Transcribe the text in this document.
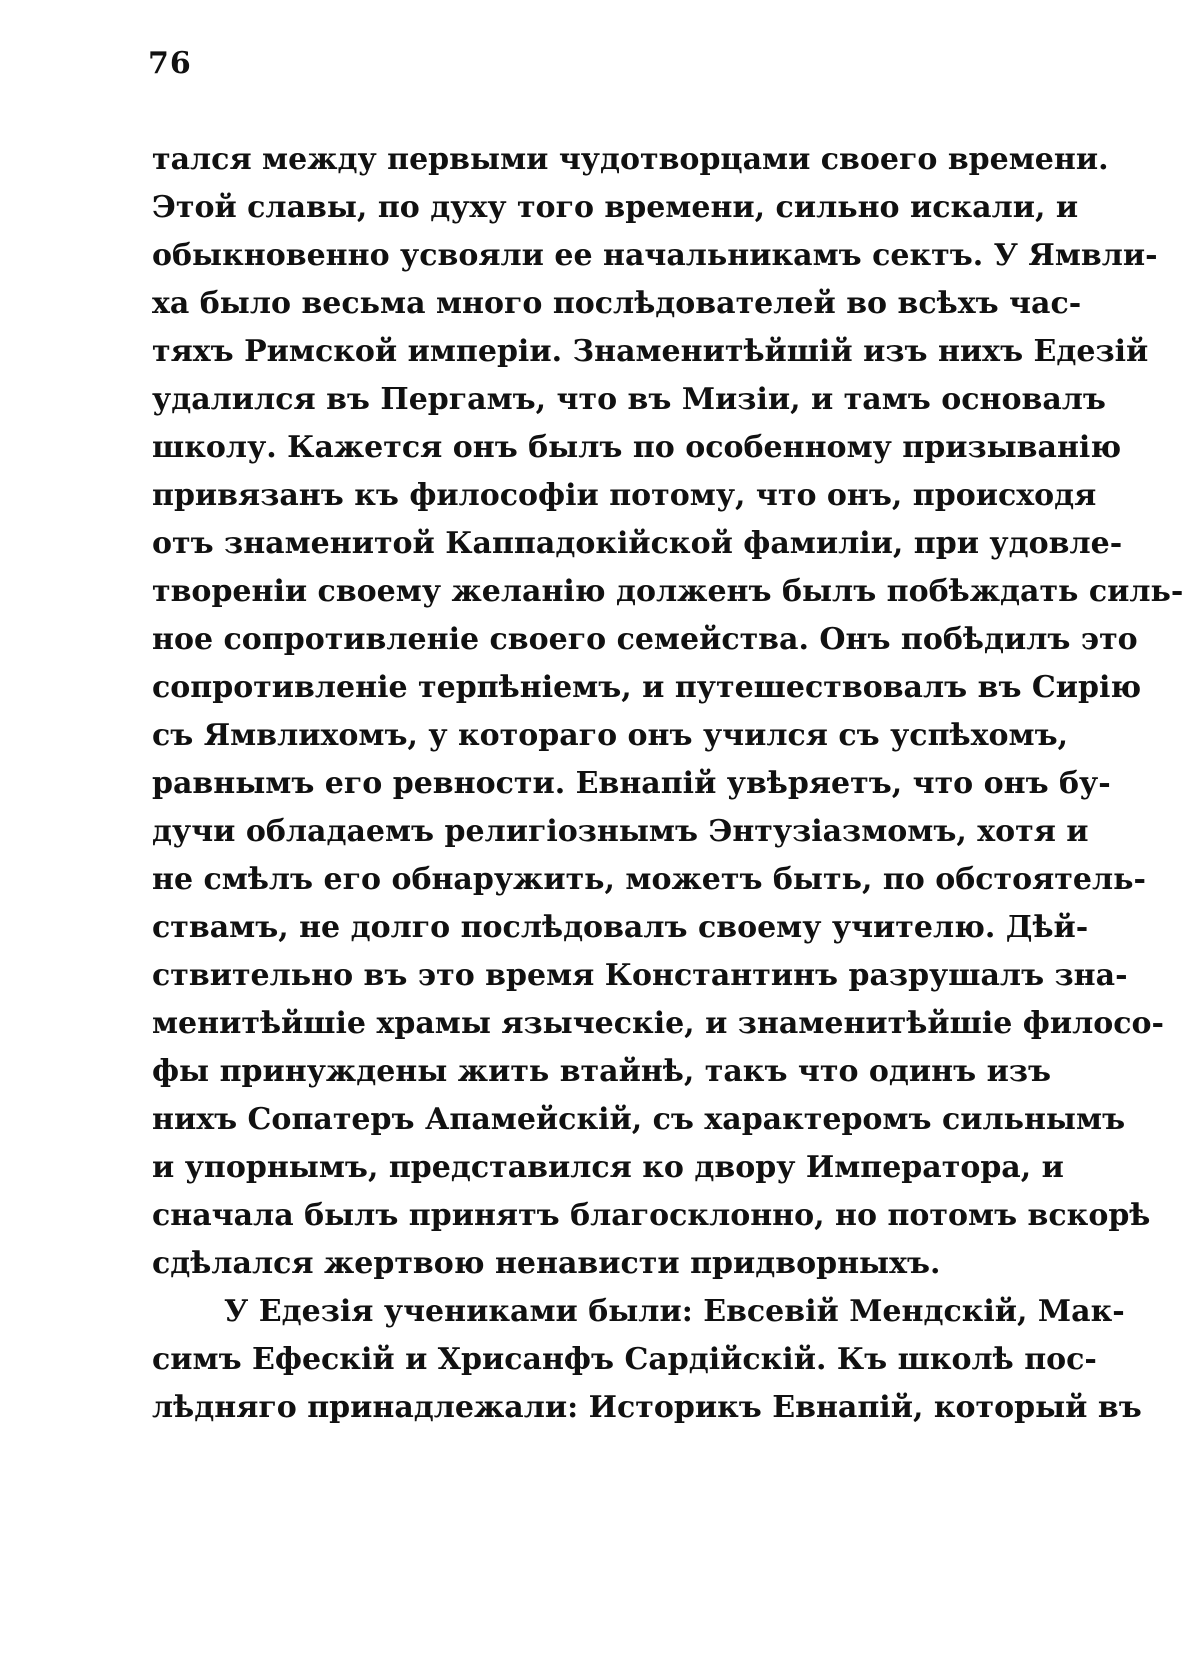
76
тался между первыми чудотворцами своего времени.
Этой славы, по духу того времени, сильно искали, и
обыкновенно усвояли ее начальникамъ сектъ. У Ямвли-
ха было весьма много послѣдователей во всѣхъ час-
тяхъ Римской имперіи. Знаменитѣйшій изъ нихъ Едезій
удалился въ Пергамъ, что въ Мизіи, и тамъ основалъ
школу. Кажется онъ былъ по особенному призыванію
привязанъ къ философіи потому, что онъ, происходя
отъ знаменитой Каппадокійской фамиліи, при удовле-
твореніи своему желанію долженъ былъ побѣждать силь-
ное сопротивленіе своего семейства. Онъ побѣдилъ это
сопротивленіе терпѣніемъ, и путешествовалъ въ Сирію
съ Ямвлихомъ, у котораго онъ учился съ успѣхомъ,
равнымъ его ревности. Евнапій увѣряетъ, что онъ бу-
дучи обладаемъ религіознымъ Энтузіазмомъ, хотя и
не смѣлъ его обнаружить, можетъ быть, по обстоятель-
ствамъ, не долго послѣдовалъ своему учителю. Дѣй-
ствительно въ это время Константинъ разрушалъ зна-
менитѣйшіе храмы языческіе, и знаменитѣйшіе филосо-
фы принуждены жить втайнѣ, такъ что одинъ изъ
нихъ Сопатеръ Апамейскій, съ характеромъ сильнымъ
и упорнымъ, представился ко двору Императора, и
сначала былъ принятъ благосклонно, но потомъ вскорѣ
сдѣлался жертвою ненависти придворныхъ.
У Едезія учениками были: Евсевій Мендскій, Мак-
симъ Ефескій и Хрисанфъ Сардійскій. Къ школѣ пос-
лѣдняго принадлежали: Историкъ Евнапій, который въ
